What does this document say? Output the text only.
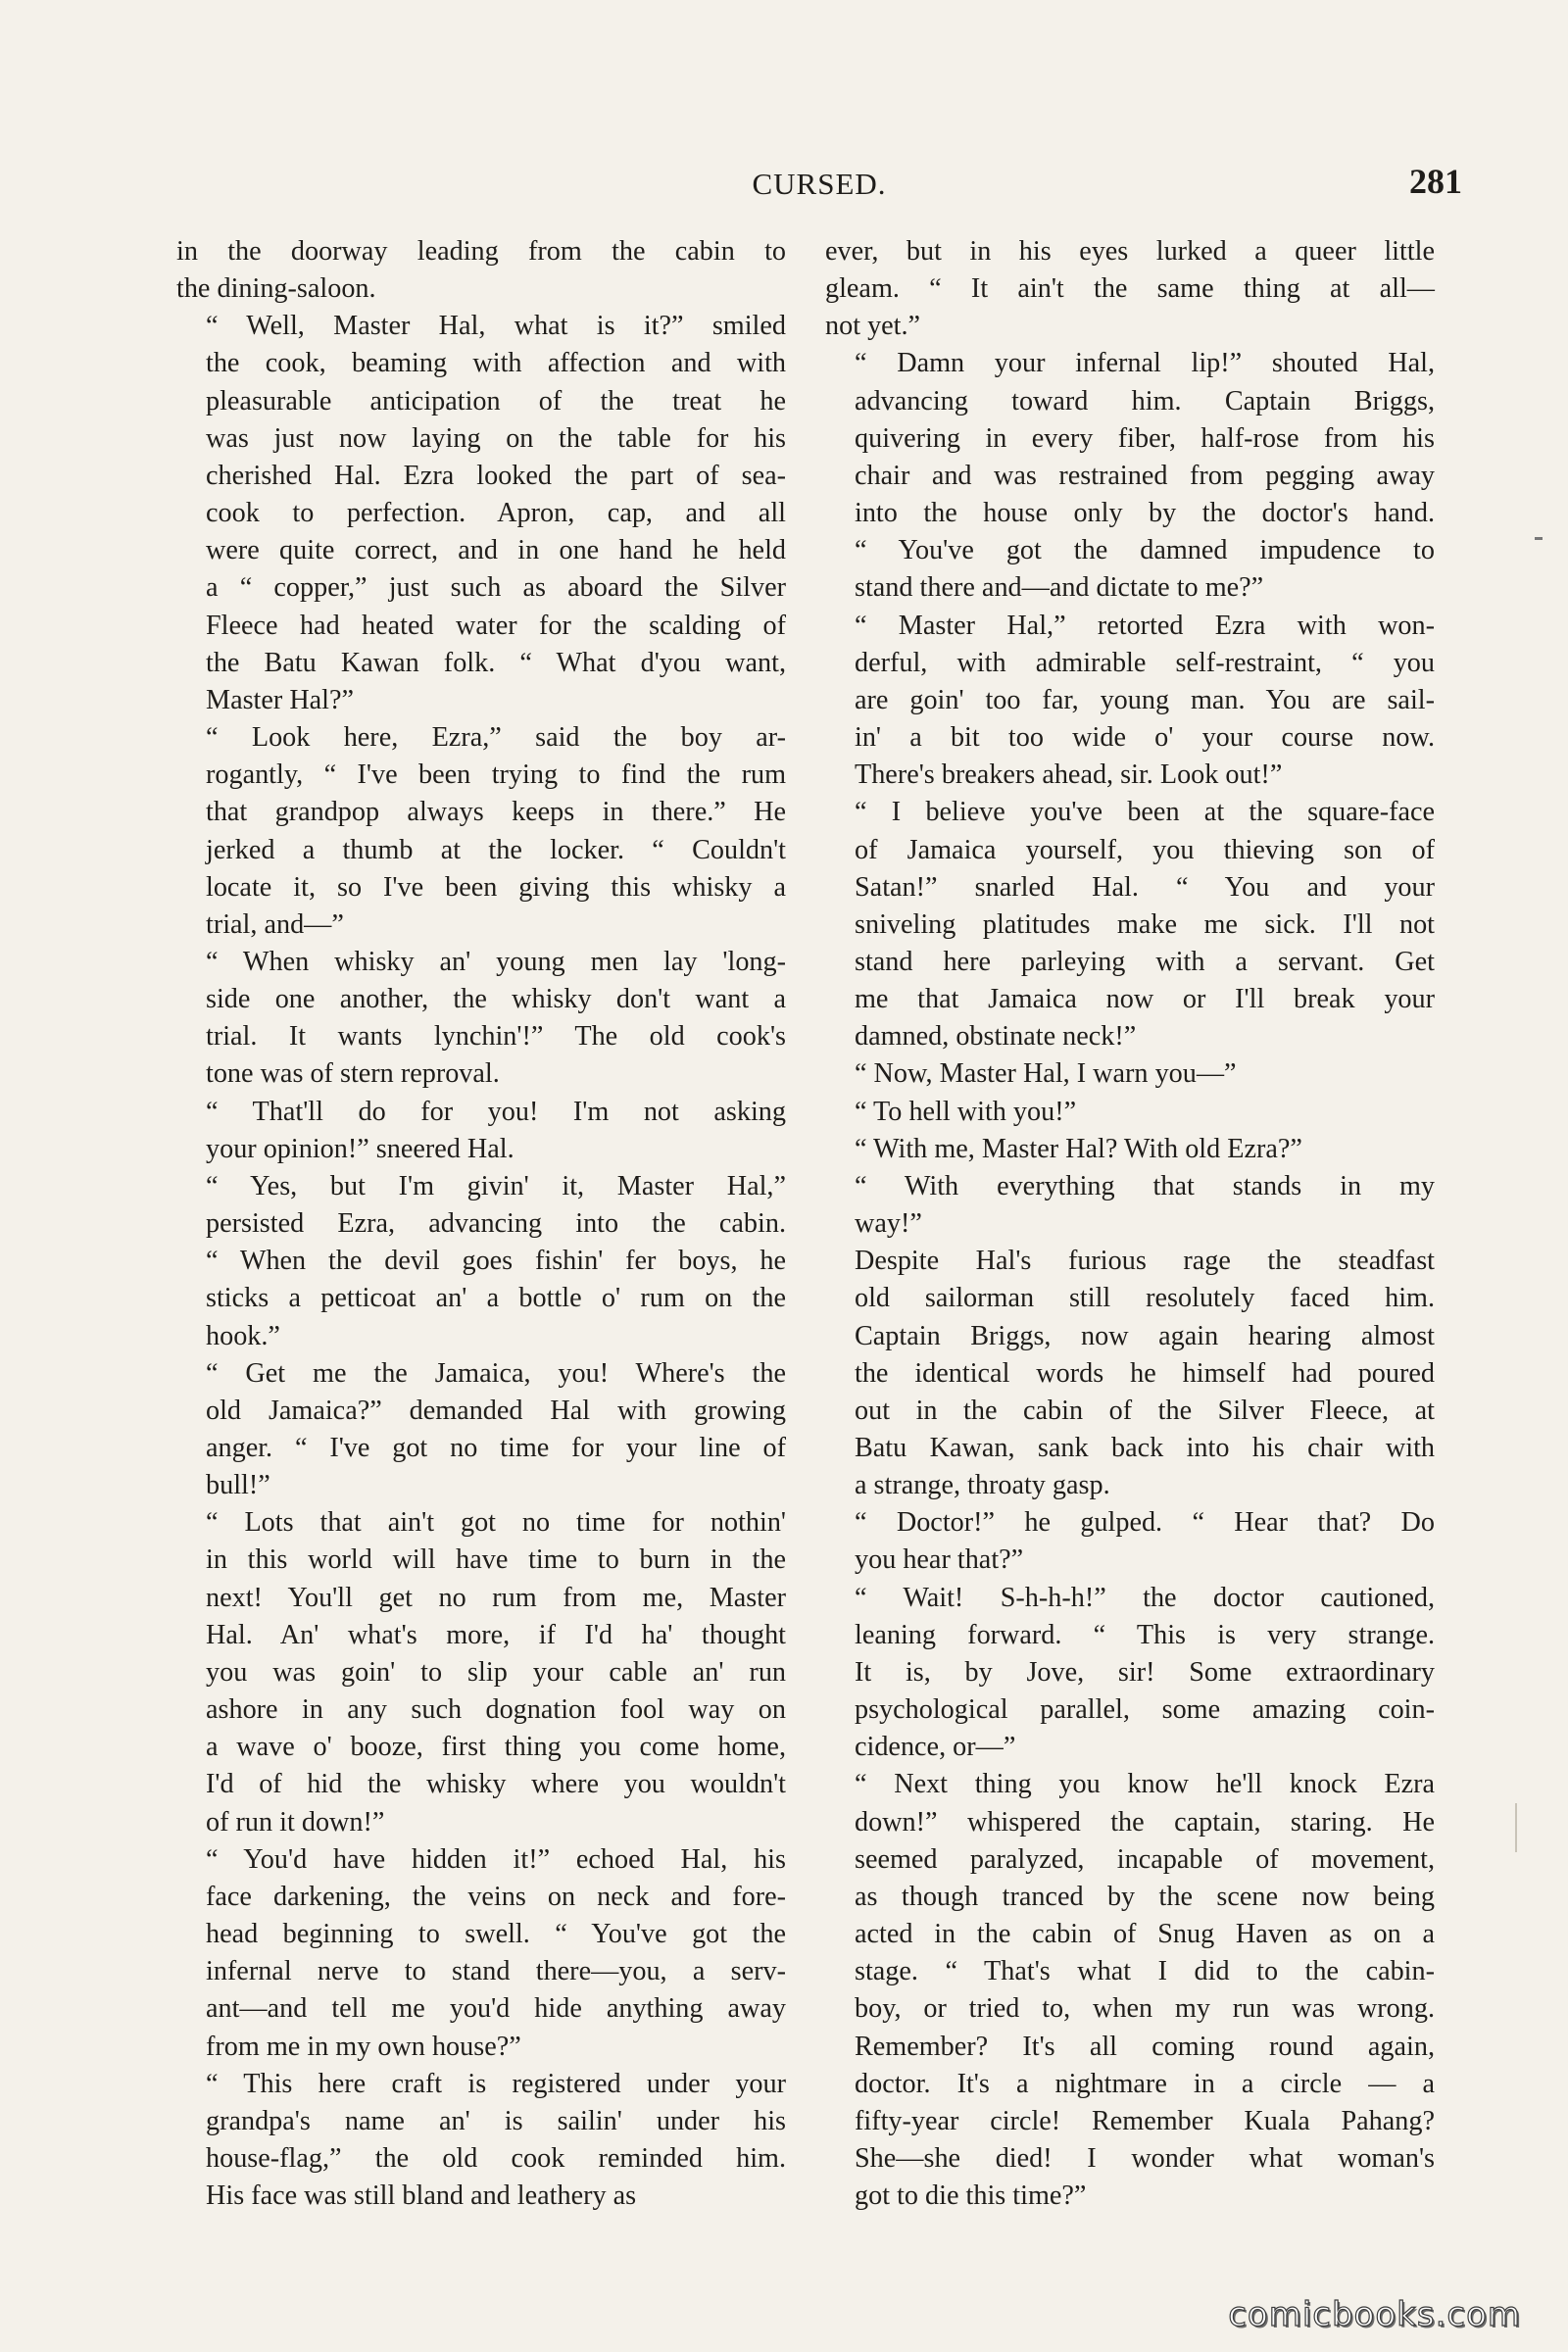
CURSED.	281

in the doorway leading from the cabin to
the dining-saloon.

“ Well, Master Hal, what is it?” smiled
the cook, beaming with affection and with
pleasurable anticipation of the treat he
was just now laying on the table for his
cherished Hal. Ezra looked the part of sea-
cook to perfection. Apron, cap, and all
were quite correct, and in one hand he held
a “ copper,” just such as aboard the Silver
Fleece had heated water for the scalding of
the Batu Kawan folk. “ What d'you want,
Master Hal?”

“ Look here, Ezra,” said the boy ar-
rogantly, “ I've been trying to find the rum
that grandpop always keeps in there.” He
jerked a thumb at the locker. “ Couldn't
locate it, so I've been giving this whisky a
trial, and—”

“ When whisky an' young men lay 'long-
side one another, the whisky don't want a
trial. It wants lynchin'!” The old cook's
tone was of stern reproval.

“ That'll do for you! I'm not asking
your opinion!” sneered Hal.

“ Yes, but I'm givin' it, Master Hal,”
persisted Ezra, advancing into the cabin.
“ When the devil goes fishin' fer boys, he
sticks a petticoat an' a bottle o' rum on the
hook.”

“ Get me the Jamaica, you! Where's the
old Jamaica?” demanded Hal with growing
anger. “ I've got no time for your line of
bull!”

“ Lots that ain't got no time for nothin'
in this world will have time to burn in the
next! You'll get no rum from me, Master
Hal. An' what's more, if I'd ha' thought
you was goin' to slip your cable an' run
ashore in any such dognation fool way on
a wave o' booze, first thing you come home,
I'd of hid the whisky where you wouldn't
of run it down!”

“ You'd have hidden it!” echoed Hal, his
face darkening, the veins on neck and fore-
head beginning to swell. “ You've got the
infernal nerve to stand there—you, a serv-
ant—and tell me you'd hide anything away
from me in my own house?”

“ This here craft is registered under your
grandpa's name an' is sailin' under his
house-flag,” the old cook reminded him.
His face was still bland and leathery as

ever, but in his eyes lurked a queer little
gleam. “ It ain't the same thing at all—
not yet.”

“ Damn your infernal lip!” shouted Hal,
advancing toward him. Captain Briggs,
quivering in every fiber, half-rose from his
chair and was restrained from pegging away
into the house only by the doctor's hand.
“ You've got the damned impudence to
stand there and—and dictate to me?”

“ Master Hal,” retorted Ezra with won-
derful, with admirable self-restraint, “ you
are goin' too far, young man. You are sail-
in' a bit too wide o' your course now.
There's breakers ahead, sir. Look out!”

“ I believe you've been at the square-face
of Jamaica yourself, you thieving son of
Satan!” snarled Hal. “ You and your
sniveling platitudes make me sick. I'll not
stand here parleying with a servant. Get
me that Jamaica now or I'll break your
damned, obstinate neck!”

“ Now, Master Hal, I warn you—”

“ To hell with you!”

“ With me, Master Hal? With old Ezra?”

“ With everything that stands in my
way!”

Despite Hal's furious rage the steadfast
old sailorman still resolutely faced him.
Captain Briggs, now again hearing almost
the identical words he himself had poured
out in the cabin of the Silver Fleece, at
Batu Kawan, sank back into his chair with
a strange, throaty gasp.

“ Doctor!” he gulped. “ Hear that? Do
you hear that?”

“ Wait! S-h-h-h!” the doctor cautioned,
leaning forward. “ This is very strange.
It is, by Jove, sir! Some extraordinary
psychological parallel, some amazing coin-
cidence, or—”

“ Next thing you know he'll knock Ezra
down!” whispered the captain, staring. He
seemed paralyzed, incapable of movement,
as though tranced by the scene now being
acted in the cabin of Snug Haven as on a
stage. “ That's what I did to the cabin-
boy, or tried to, when my run was wrong.
Remember? It's all coming round again,
doctor. It's a nightmare in a circle — a
fifty-year circle! Remember Kuala Pahang?
She—she died! I wonder what woman's
got to die this time?”

comicbooks.com
